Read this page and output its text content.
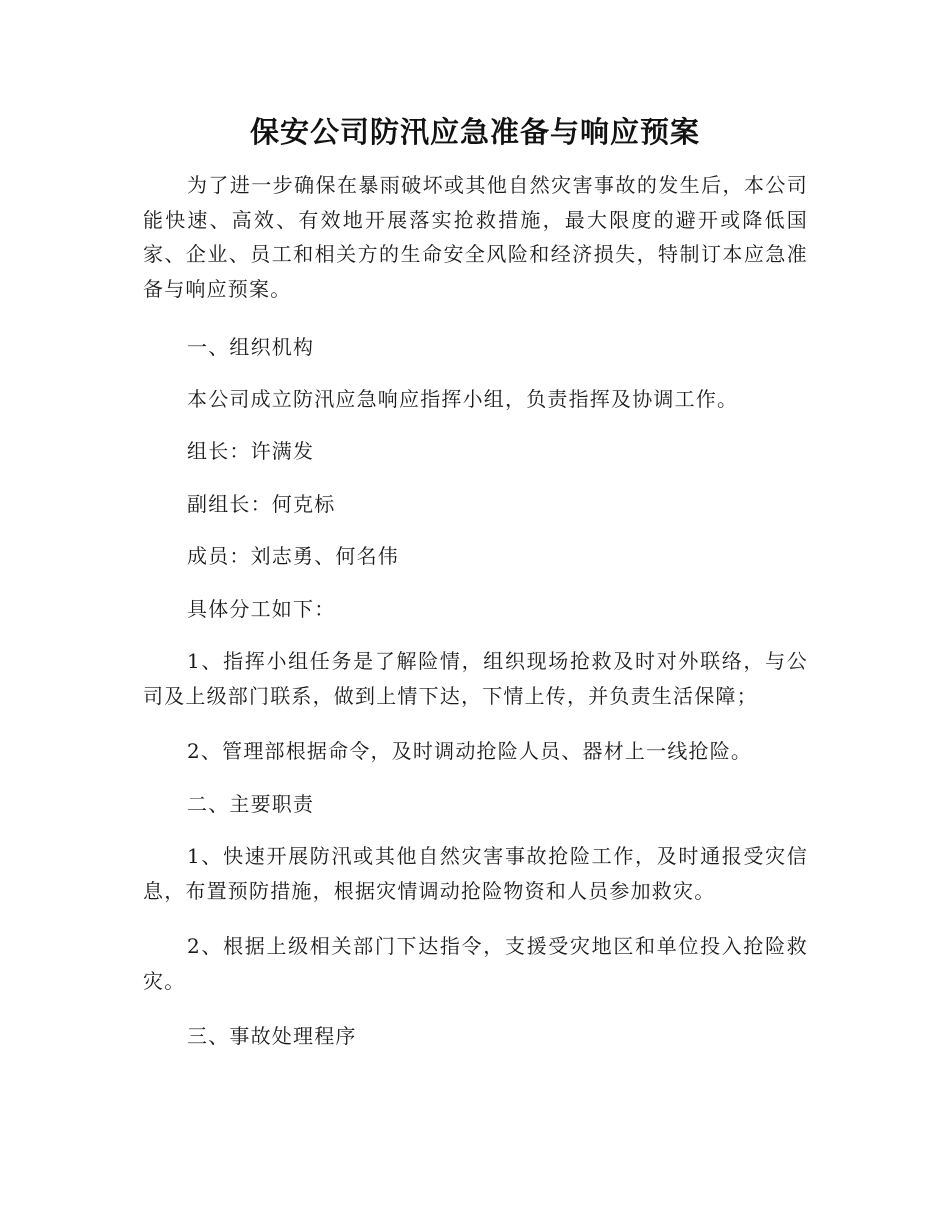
保安公司防汛应急准备与响应预案

为了进一步确保在暴雨破坏或其他自然灾害事故的发生后，本公司能快速、高效、有效地开展落实抢救措施，最大限度的避开或降低国家、企业、员工和相关方的生命安全风险和经济损失，特制订本应急准备与响应预案。

一、组织机构

本公司成立防汛应急响应指挥小组，负责指挥及协调工作。

组长：许满发

副组长：何克标

成员：刘志勇、何名伟

具体分工如下：

1、指挥小组任务是了解险情，组织现场抢救及时对外联络，与公司及上级部门联系，做到上情下达，下情上传，并负责生活保障；

2、管理部根据命令，及时调动抢险人员、器材上一线抢险。

二、主要职责

1、快速开展防汛或其他自然灾害事故抢险工作，及时通报受灾信息，布置预防措施，根据灾情调动抢险物资和人员参加救灾。

2、根据上级相关部门下达指令，支援受灾地区和单位投入抢险救灾。

三、事故处理程序
